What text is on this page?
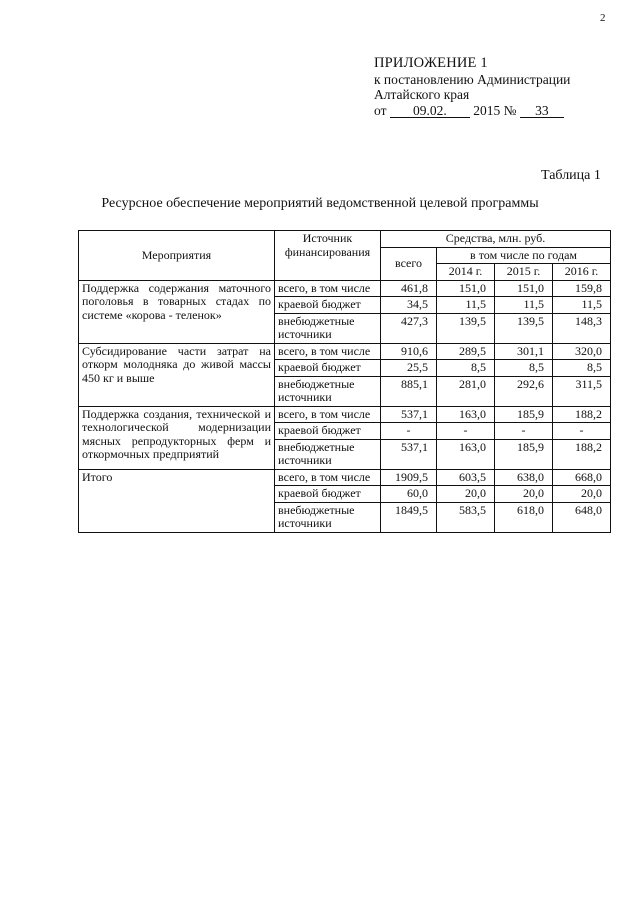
2
ПРИЛОЖЕНИЕ 1
к постановлению Администрации
Алтайского края
от 09.02. 2015 № 33
Таблица 1
Ресурсное обеспечение мероприятий ведомственной целевой программы
Мероприятия	Источник финансирования	Средства, млн. руб.			
		всего	в том числе по годам		
			2014 г.	2015 г.	2016 г.
Поддержка содержания маточного поголовья в товарных стадах по системе «корова - теленок»	всего, в том числе	461,8	151,0	151,0	159,8
	краевой бюджет	34,5	11,5	11,5	11,5
	внебюджетные источники	427,3	139,5	139,5	148,3
Субсидирование части затрат на откорм молодняка до живой массы 450 кг и выше	всего, в том числе	910,6	289,5	301,1	320,0
	краевой бюджет	25,5	8,5	8,5	8,5
	внебюджетные источники	885,1	281,0	292,6	311,5
Поддержка создания, технической и технологической модернизации мясных репродукторных ферм и откормочных предприятий	всего, в том числе	537,1	163,0	185,9	188,2
	краевой бюджет	-	-	-	-
	внебюджетные источники	537,1	163,0	185,9	188,2
Итого	всего, в том числе	1909,5	603,5	638,0	668,0
	краевой бюджет	60,0	20,0	20,0	20,0
	внебюджетные источники	1849,5	583,5	618,0	648,0
